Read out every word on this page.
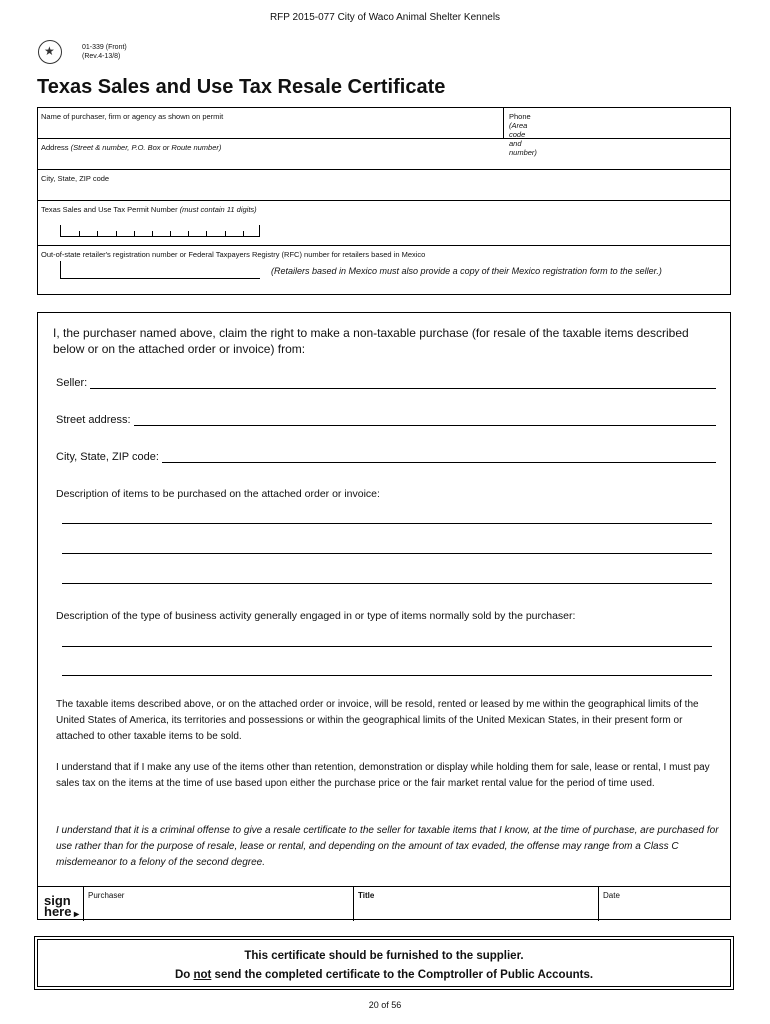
RFP 2015-077 City of Waco Animal Shelter Kennels
★
01-339 (Front)
(Rev.4-13/8)
Texas Sales and Use Tax Resale Certificate
Name of purchaser, firm or agency as shown on permit	Phone (Area code and number)
Address (Street & number, P.O. Box or Route number)
City, State, ZIP code
Texas Sales and Use Tax Permit Number (must contain 11 digits)
Out-of-state retailer's registration number or Federal Taxpayers Registry (RFC) number for retailers based in Mexico
(Retailers based in Mexico must also provide a copy of their Mexico registration form to the seller.)
I, the purchaser named above, claim the right to make a non-taxable purchase (for resale of the taxable items described below or on the attached order or invoice) from:
Seller:
Street address:
City, State, ZIP code:
Description of items to be purchased on the attached order or invoice:
Description of the type of business activity generally engaged in or type of items normally sold by the purchaser:
The taxable items described above, or on the attached order or invoice, will be resold, rented or leased by me within the geographical limits of the United States of America, its territories and possessions or within the geographical limits of the United Mexican States, in their present form or attached to other taxable items to be sold.
I understand that if I make any use of the items other than retention, demonstration or display while holding them for sale, lease or rental, I must pay sales tax on the items at the time of use based upon either the purchase price or the fair market rental value for the period of time used.
I understand that it is a criminal offense to give a resale certificate to the seller for taxable items that I know, at the time of purchase, are purchased for use rather than for the purpose of resale, lease or rental, and depending on the amount of tax evaded, the offense may range from a Class C misdemeanor to a felony of the second degree.
sign
here ▸
Purchaser	Title	Date
This certificate should be furnished to the supplier.
Do not send the completed certificate to the Comptroller of Public Accounts.
20 of 56
